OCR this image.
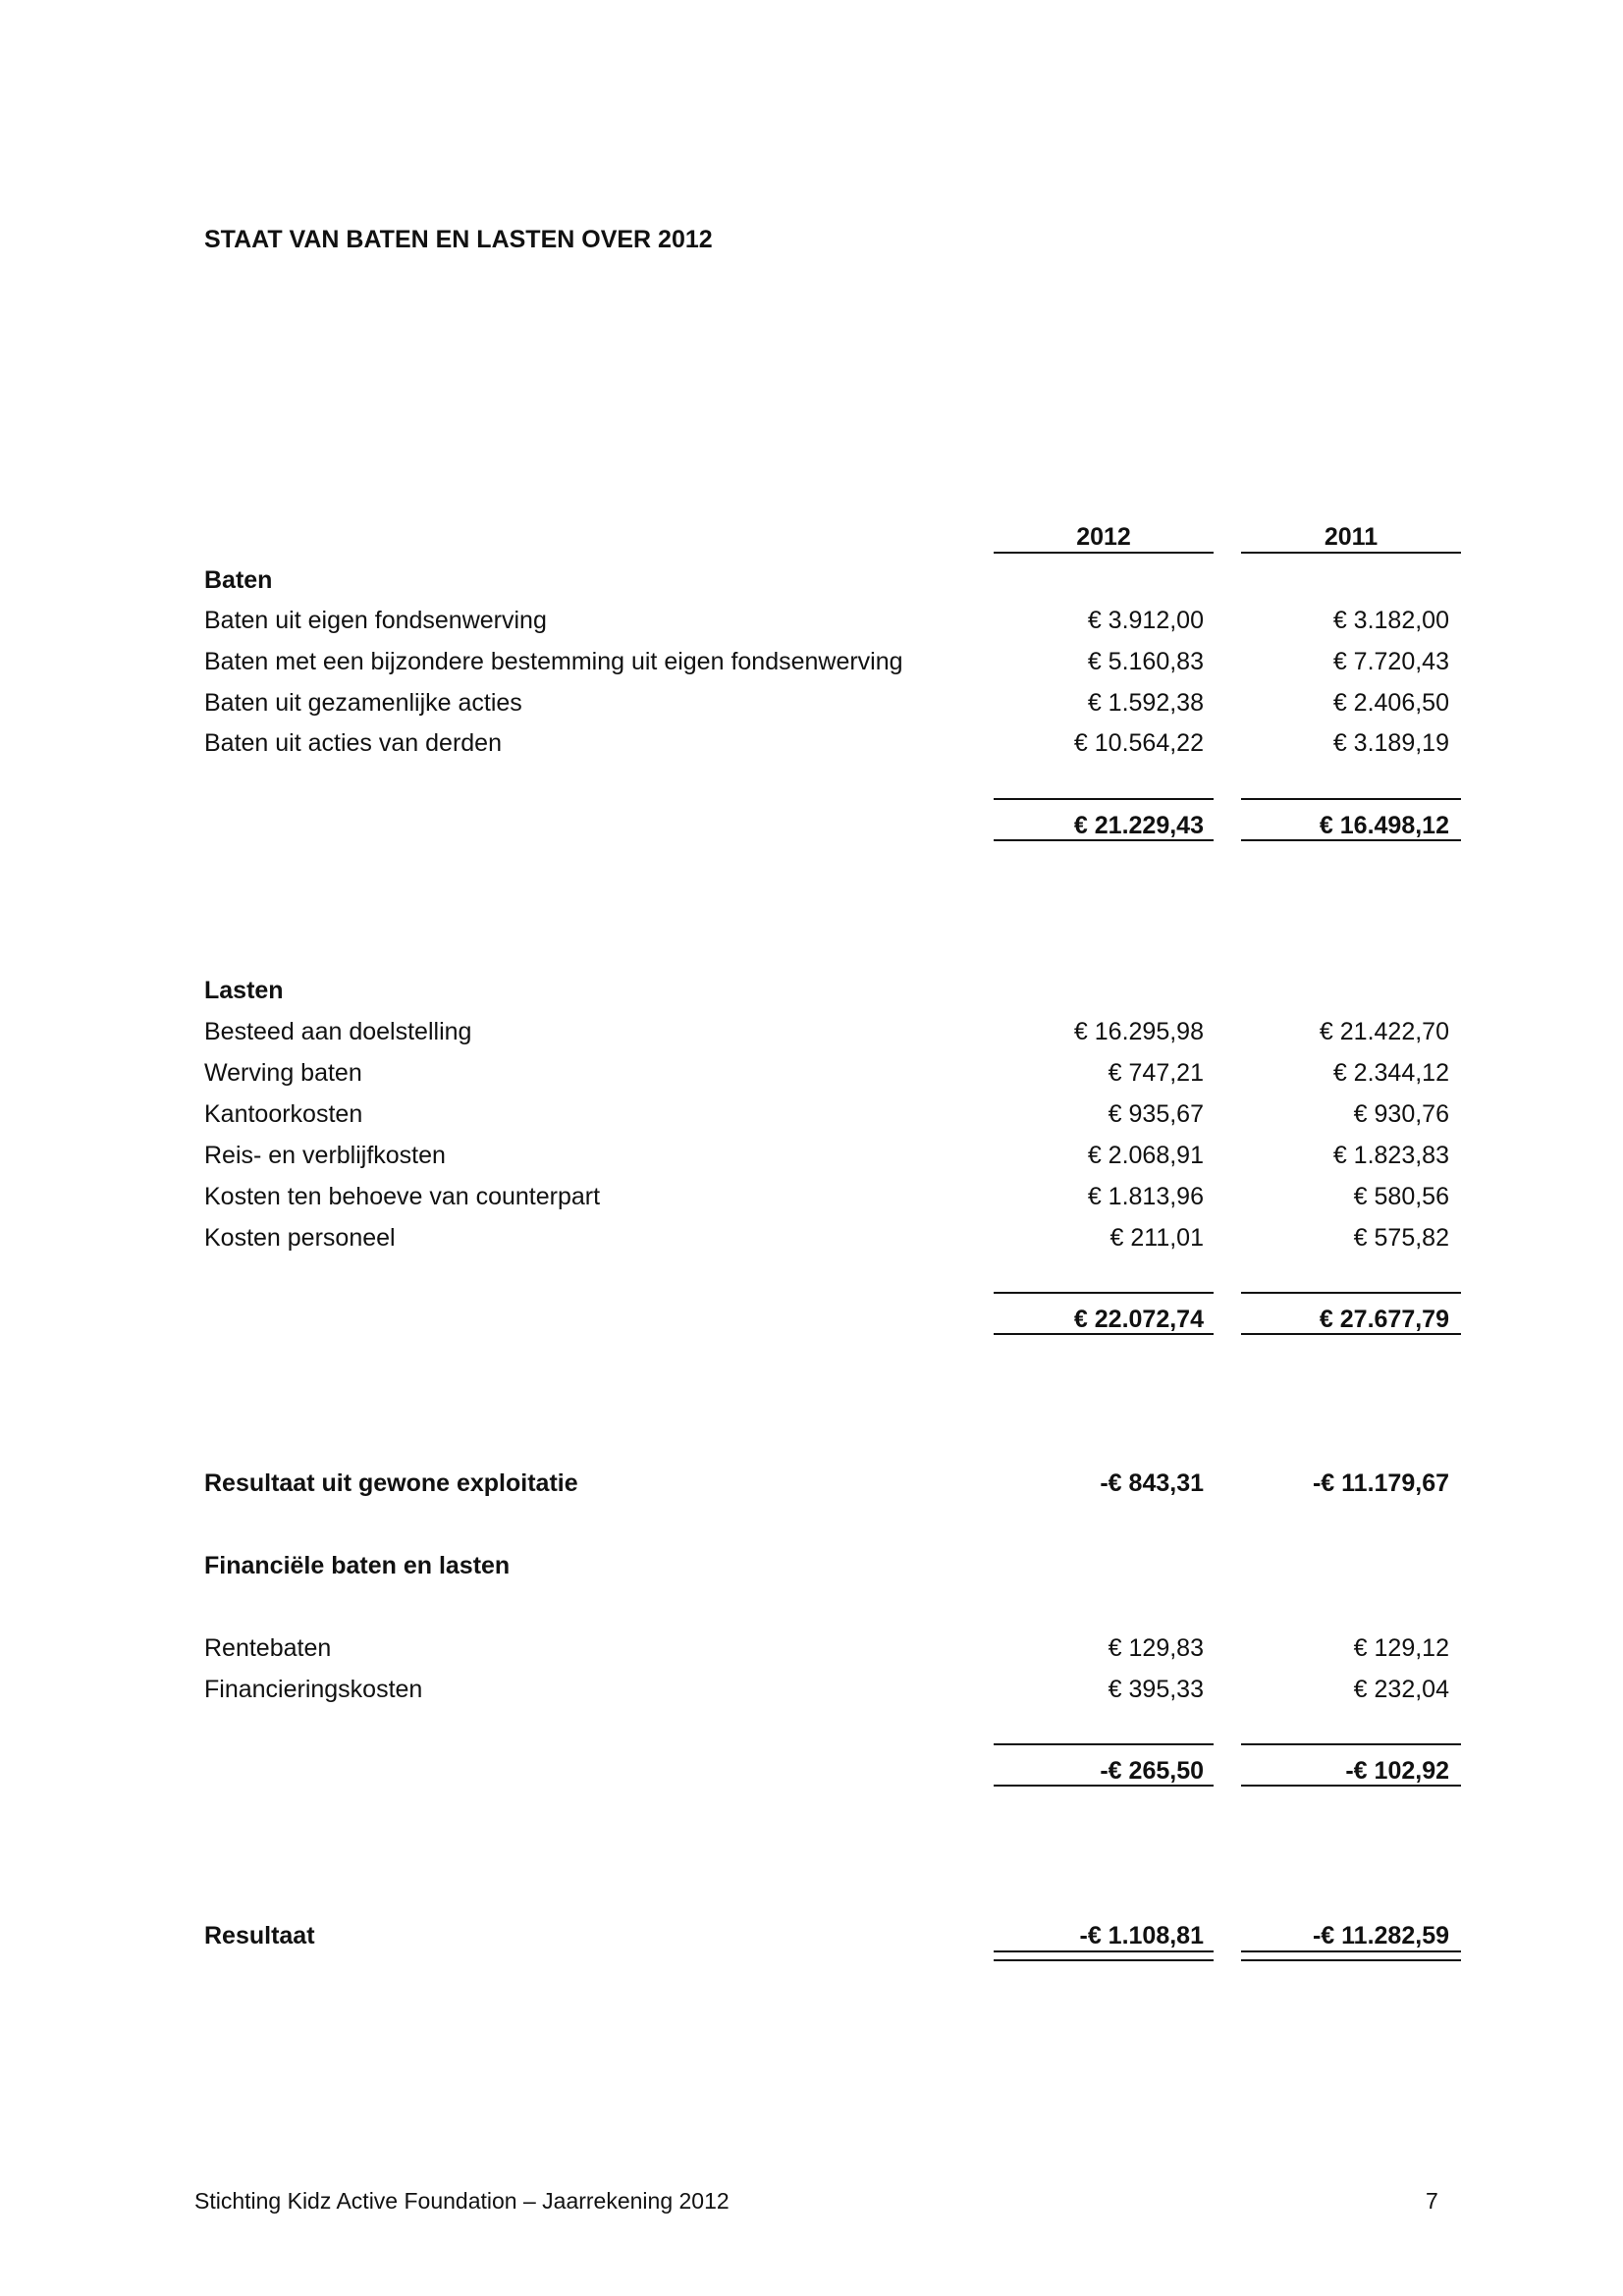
STAAT VAN BATEN EN LASTEN OVER 2012
2012	2011
Baten
Baten uit eigen fondsenwerving	€ 3.912,00	€ 3.182,00
Baten met een bijzondere bestemming uit eigen fondsenwerving	€ 5.160,83	€ 7.720,43
Baten uit gezamenlijke acties	€ 1.592,38	€ 2.406,50
Baten uit acties van derden	€ 10.564,22	€ 3.189,19
€ 21.229,43	€ 16.498,12
Lasten
Besteed aan doelstelling	€ 16.295,98	€ 21.422,70
Werving baten	€ 747,21	€ 2.344,12
Kantoorkosten	€ 935,67	€ 930,76
Reis- en verblijfkosten	€ 2.068,91	€ 1.823,83
Kosten ten behoeve van counterpart	€ 1.813,96	€ 580,56
Kosten personeel	€ 211,01	€ 575,82
€ 22.072,74	€ 27.677,79
Resultaat uit gewone exploitatie	-€ 843,31	-€ 11.179,67
Financiële baten en lasten
Rentebaten	€ 129,83	€ 129,12
Financieringskosten	€ 395,33	€ 232,04
-€ 265,50	-€ 102,92
Resultaat	-€ 1.108,81	-€ 11.282,59
Stichting Kidz Active Foundation – Jaarrekening 2012	7
